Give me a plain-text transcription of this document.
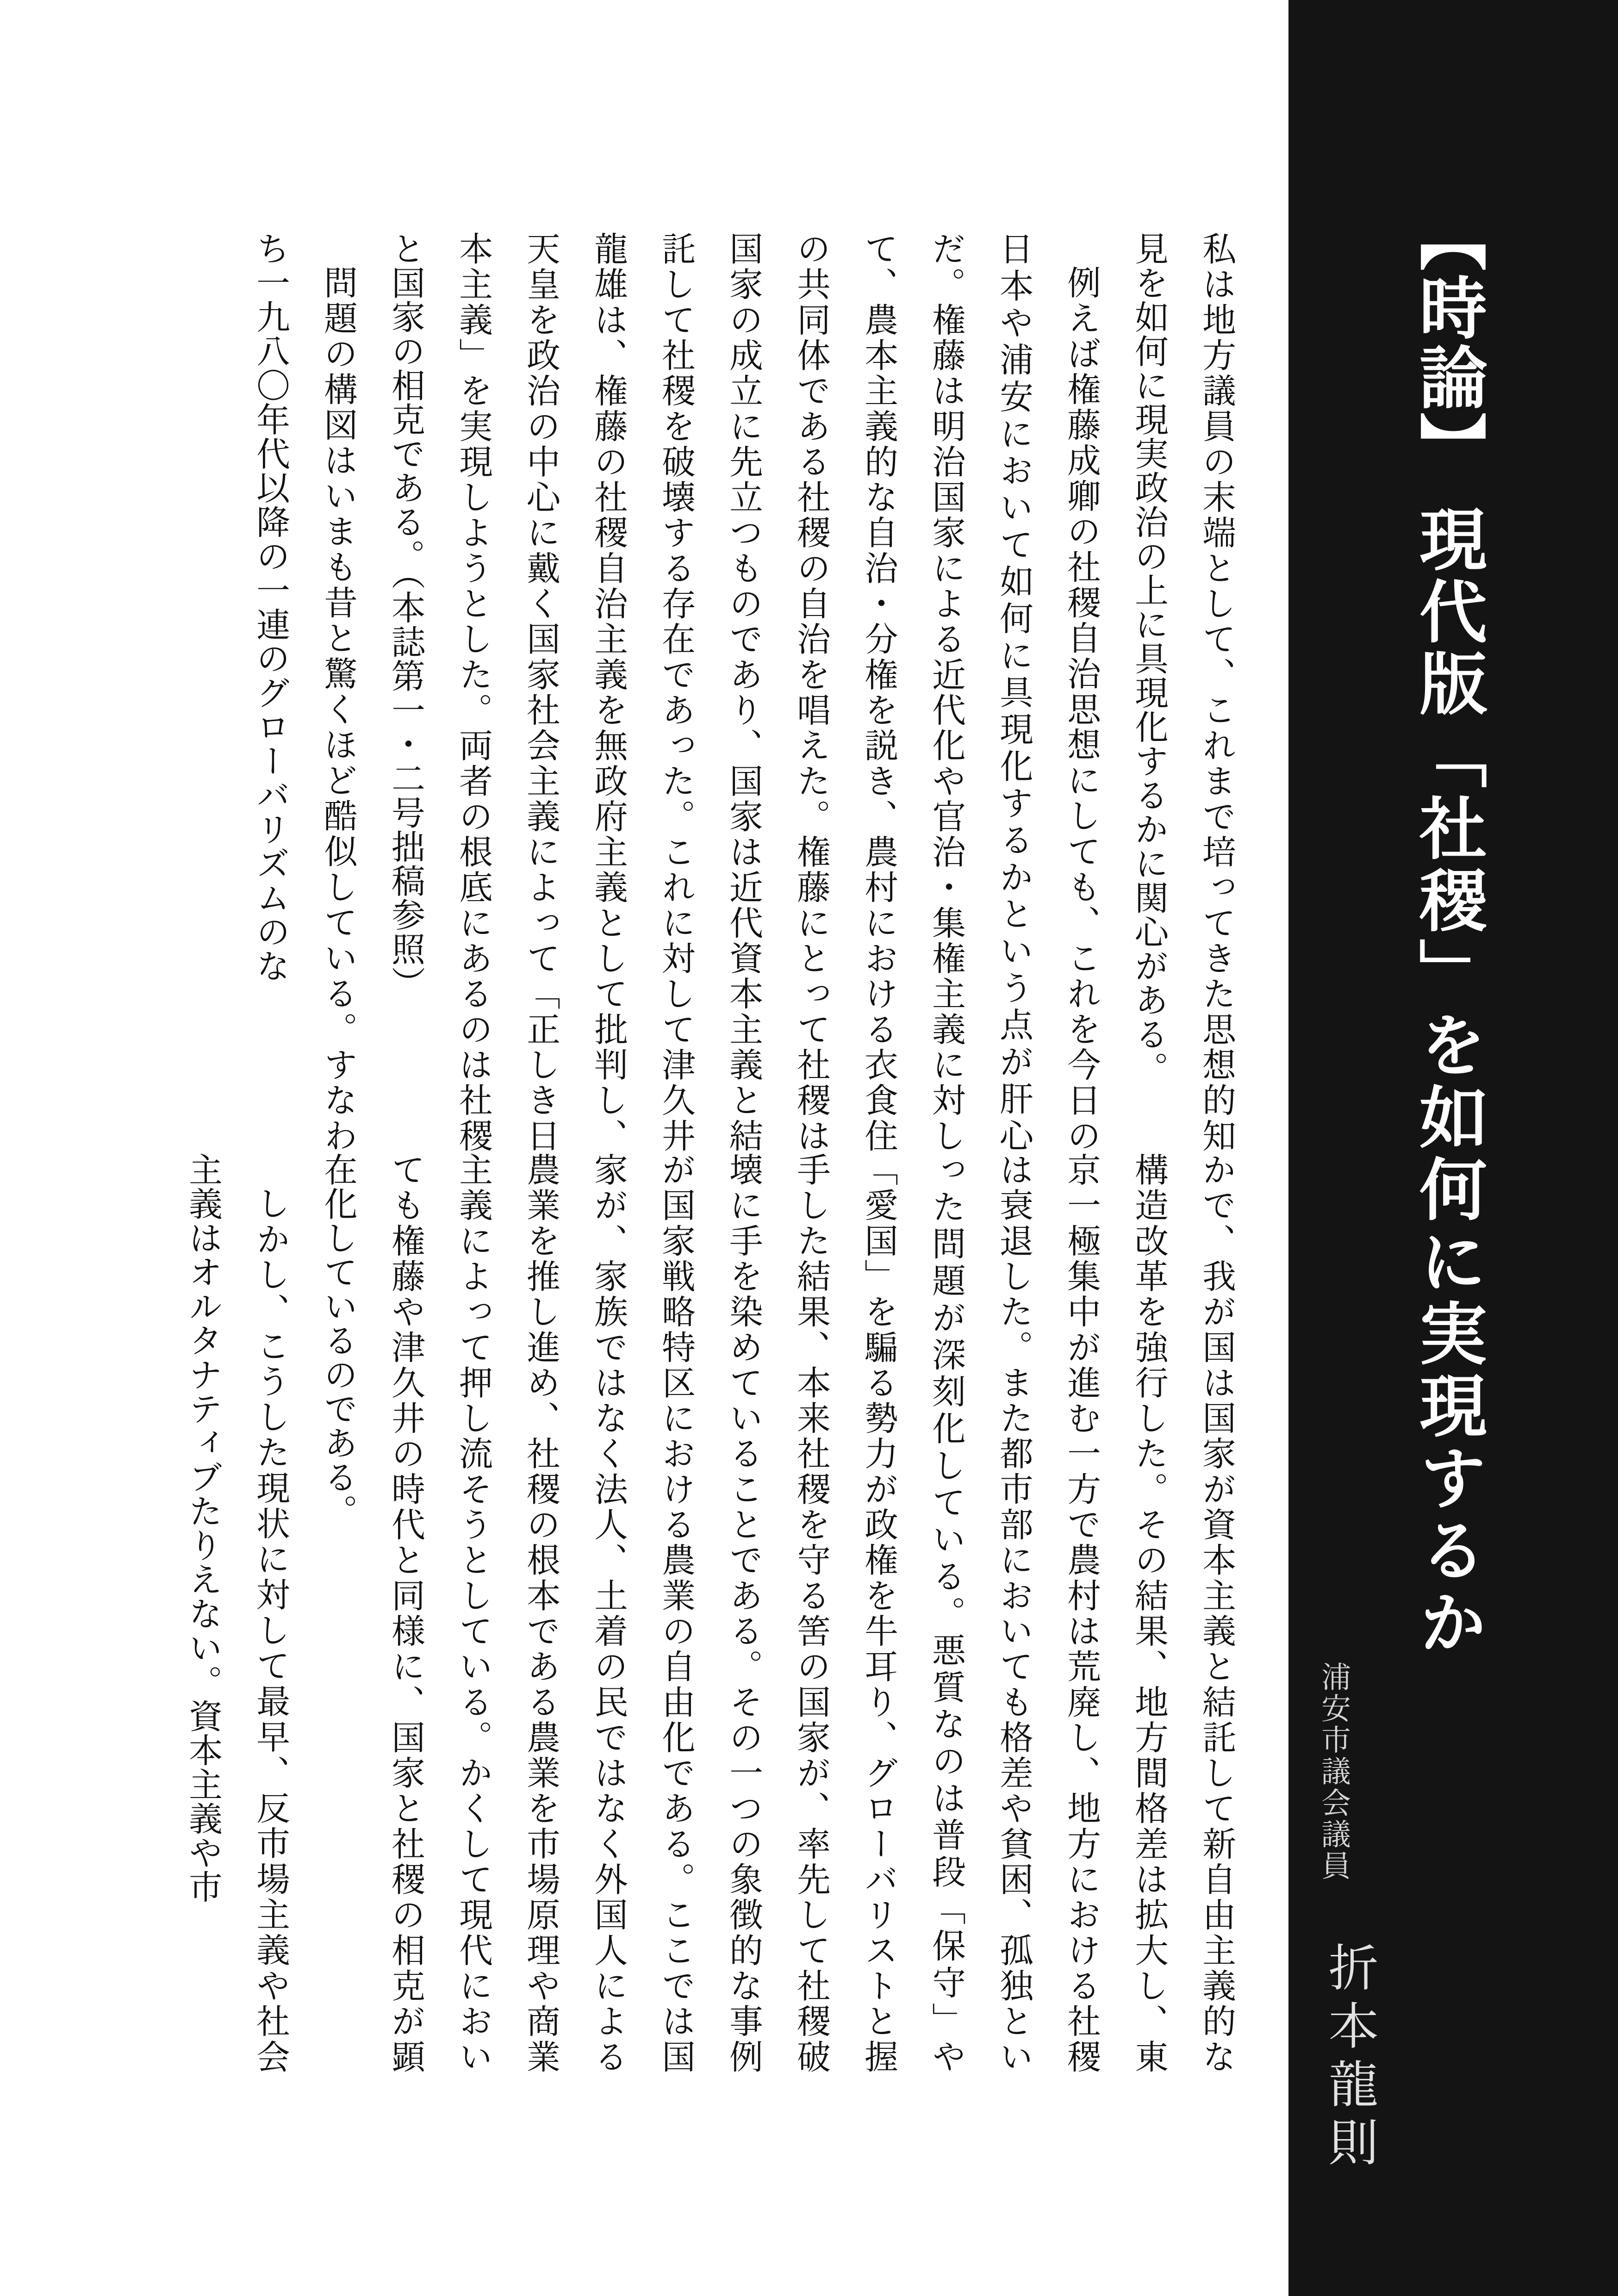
私は地方議員の末端として、これまで培ってきた思想的知見を如何に現実政治の上に具現化するかに関心がある。

例えば権藤成卿の社稷自治思想にしても、これを今日の日本や浦安において如何に具現化するかという点が肝心だ。権藤は明治国家による近代化や官治・集権主義に対して、農本主義的な自治・分権を説き、農村における衣食住の共同体である社稷の自治を唱えた。権藤にとって社稷は国家の成立に先立つものであり、国家は近代資本主義と結託して社稷を破壊する存在であった。これに対して津久井龍雄は、権藤の社稷自治主義を無政府主義として批判し、天皇を政治の中心に戴く国家社会主義によって「正しき日本主義」を実現しようとした。両者の根底にあるのは社稷と国家の相克である。（本誌第一・二号拙稿参照）

問題の構図はいまも昔と驚くほど酷似している。すなわち一九八〇年代以降の一連のグローバリズムのな

かで、我が国は国家が資本主義と結託して新自由主義的な構造改革を強行した。その結果、地方間格差は拡大し、東京一極集中が進む一方で農村は荒廃し、地方における社稷は衰退した。また都市部においても格差や貧困、孤独といった問題が深刻化している。悪質なのは普段「保守」や「愛国」を騙る勢力が政権を牛耳り、グローバリストと握手した結果、本来社稷を守る筈の国家が、率先して社稷破壊に手を染めていることである。その一つの象徴的な事例が国家戦略特区における農業の自由化である。ここでは国家が、家族ではなく法人、土着の民ではなく外国人による農業を推し進め、社稷の根本である農業を市場原理や商業主義によって押し流そうとしている。かくして現代においても権藤や津久井の時代と同様に、国家と社稷の相克が顕在化しているのである。

しかし、こうした現状に対して最早、反市場主義や社会主義はオルタナティブたりえない。資本主義や市

【時論】現代版「社稷」を如何に実現するか
浦安市議会議員
折本龍則
